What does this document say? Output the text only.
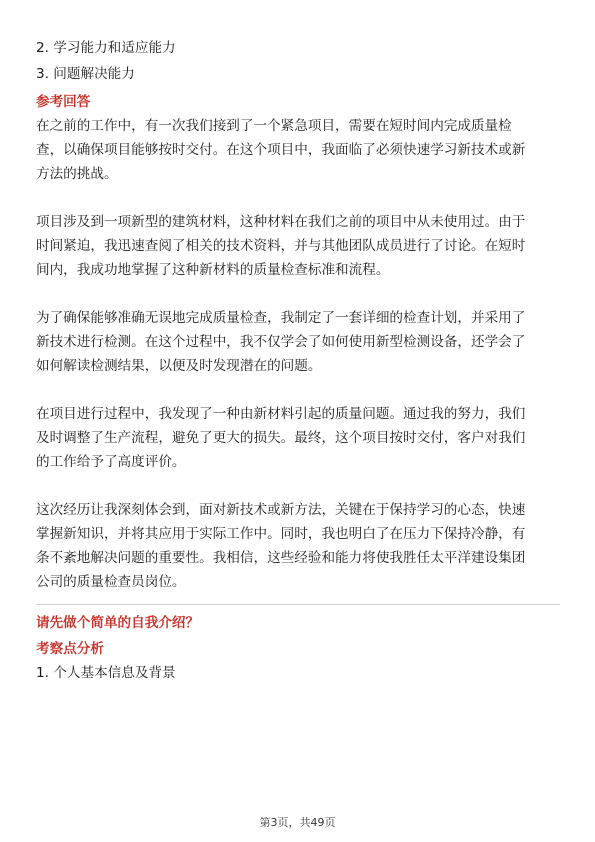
2. 学习能力和适应能力
3. 问题解决能力
参考回答
在之前的工作中，有一次我们接到了一个紧急项目，需要在短时间内完成质量检
查，以确保项目能够按时交付。在这个项目中，我面临了必须快速学习新技术或新
方法的挑战。
项目涉及到一项新型的建筑材料，这种材料在我们之前的项目中从未使用过。由于
时间紧迫，我迅速查阅了相关的技术资料，并与其他团队成员进行了讨论。在短时
间内，我成功地掌握了这种新材料的质量检查标准和流程。
为了确保能够准确无误地完成质量检查，我制定了一套详细的检查计划，并采用了
新技术进行检测。在这个过程中，我不仅学会了如何使用新型检测设备，还学会了
如何解读检测结果，以便及时发现潜在的问题。
在项目进行过程中，我发现了一种由新材料引起的质量问题。通过我的努力，我们
及时调整了生产流程，避免了更大的损失。最终，这个项目按时交付，客户对我们
的工作给予了高度评价。
这次经历让我深刻体会到，面对新技术或新方法，关键在于保持学习的心态，快速
掌握新知识，并将其应用于实际工作中。同时，我也明白了在压力下保持冷静，有
条不紊地解决问题的重要性。我相信，这些经验和能力将使我胜任太平洋建设集团
公司的质量检查员岗位。
请先做个简单的自我介绍？
考察点分析
1. 个人基本信息及背景
第3页，共49页
